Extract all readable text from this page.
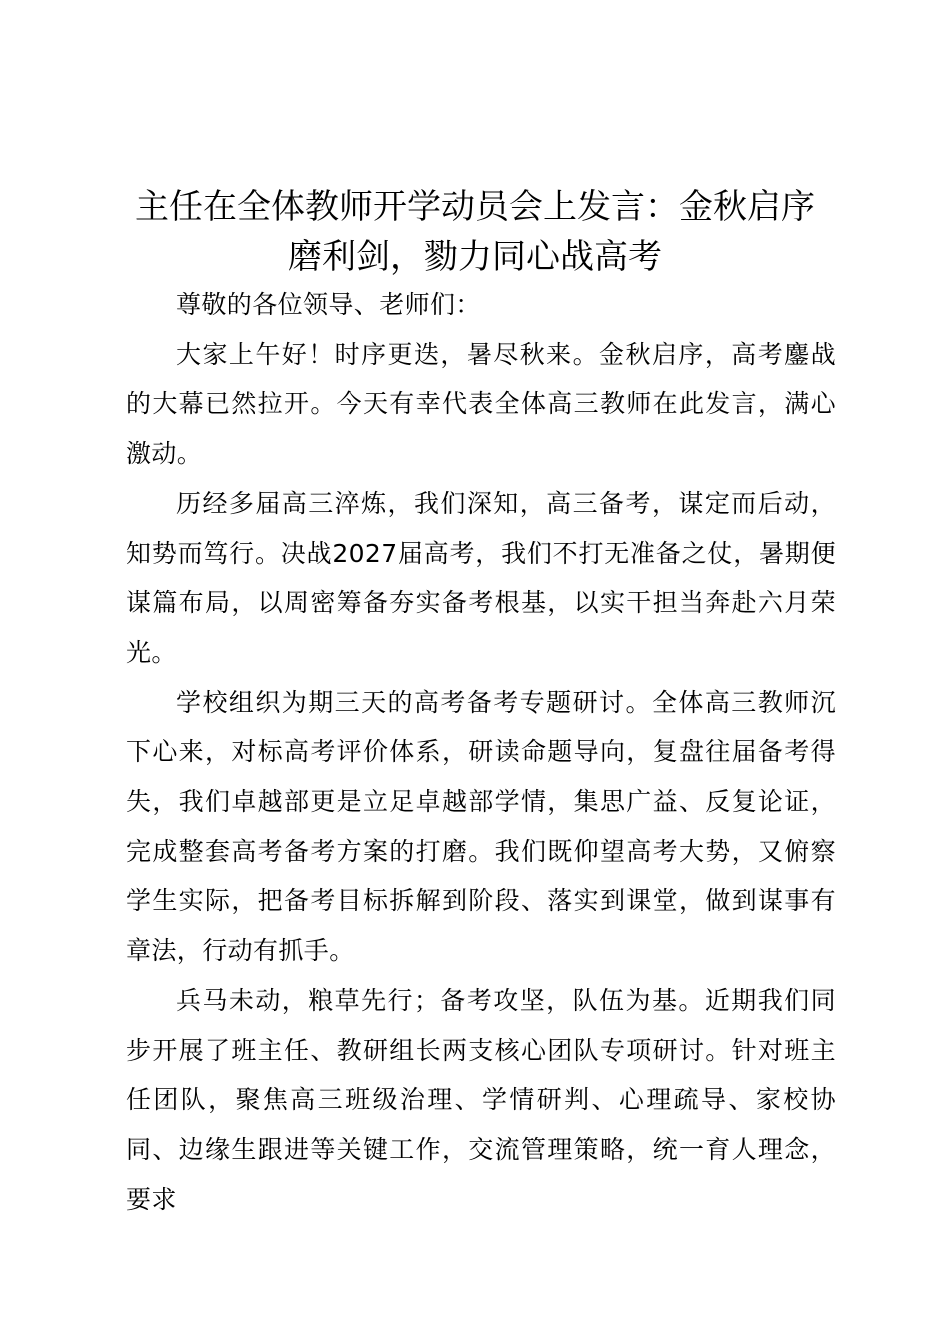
主任在全体教师开学动员会上发言：金秋启序磨利剑，勠力同心战高考

尊敬的各位领导、老师们：

大家上午好！时序更迭，暑尽秋来。金秋启序，高考鏖战的大幕已然拉开。今天有幸代表全体高三教师在此发言，满心激动。

历经多届高三淬炼，我们深知，高三备考，谋定而后动，知势而笃行。决战2027届高考，我们不打无准备之仗，暑期便谋篇布局，以周密筹备夯实备考根基，以实干担当奔赴六月荣光。

学校组织为期三天的高考备考专题研讨。全体高三教师沉下心来，对标高考评价体系，研读命题导向，复盘往届备考得失，我们卓越部更是立足卓越部学情，集思广益、反复论证，完成整套高考备考方案的打磨。我们既仰望高考大势，又俯察学生实际，把备考目标拆解到阶段、落实到课堂，做到谋事有章法，行动有抓手。

兵马未动，粮草先行；备考攻坚，队伍为基。近期我们同步开展了班主任、教研组长两支核心团队专项研讨。针对班主任团队，聚焦高三班级治理、学情研判、心理疏导、家校协同、边缘生跟进等关键工作，交流管理策略，统一育人理念，要求
